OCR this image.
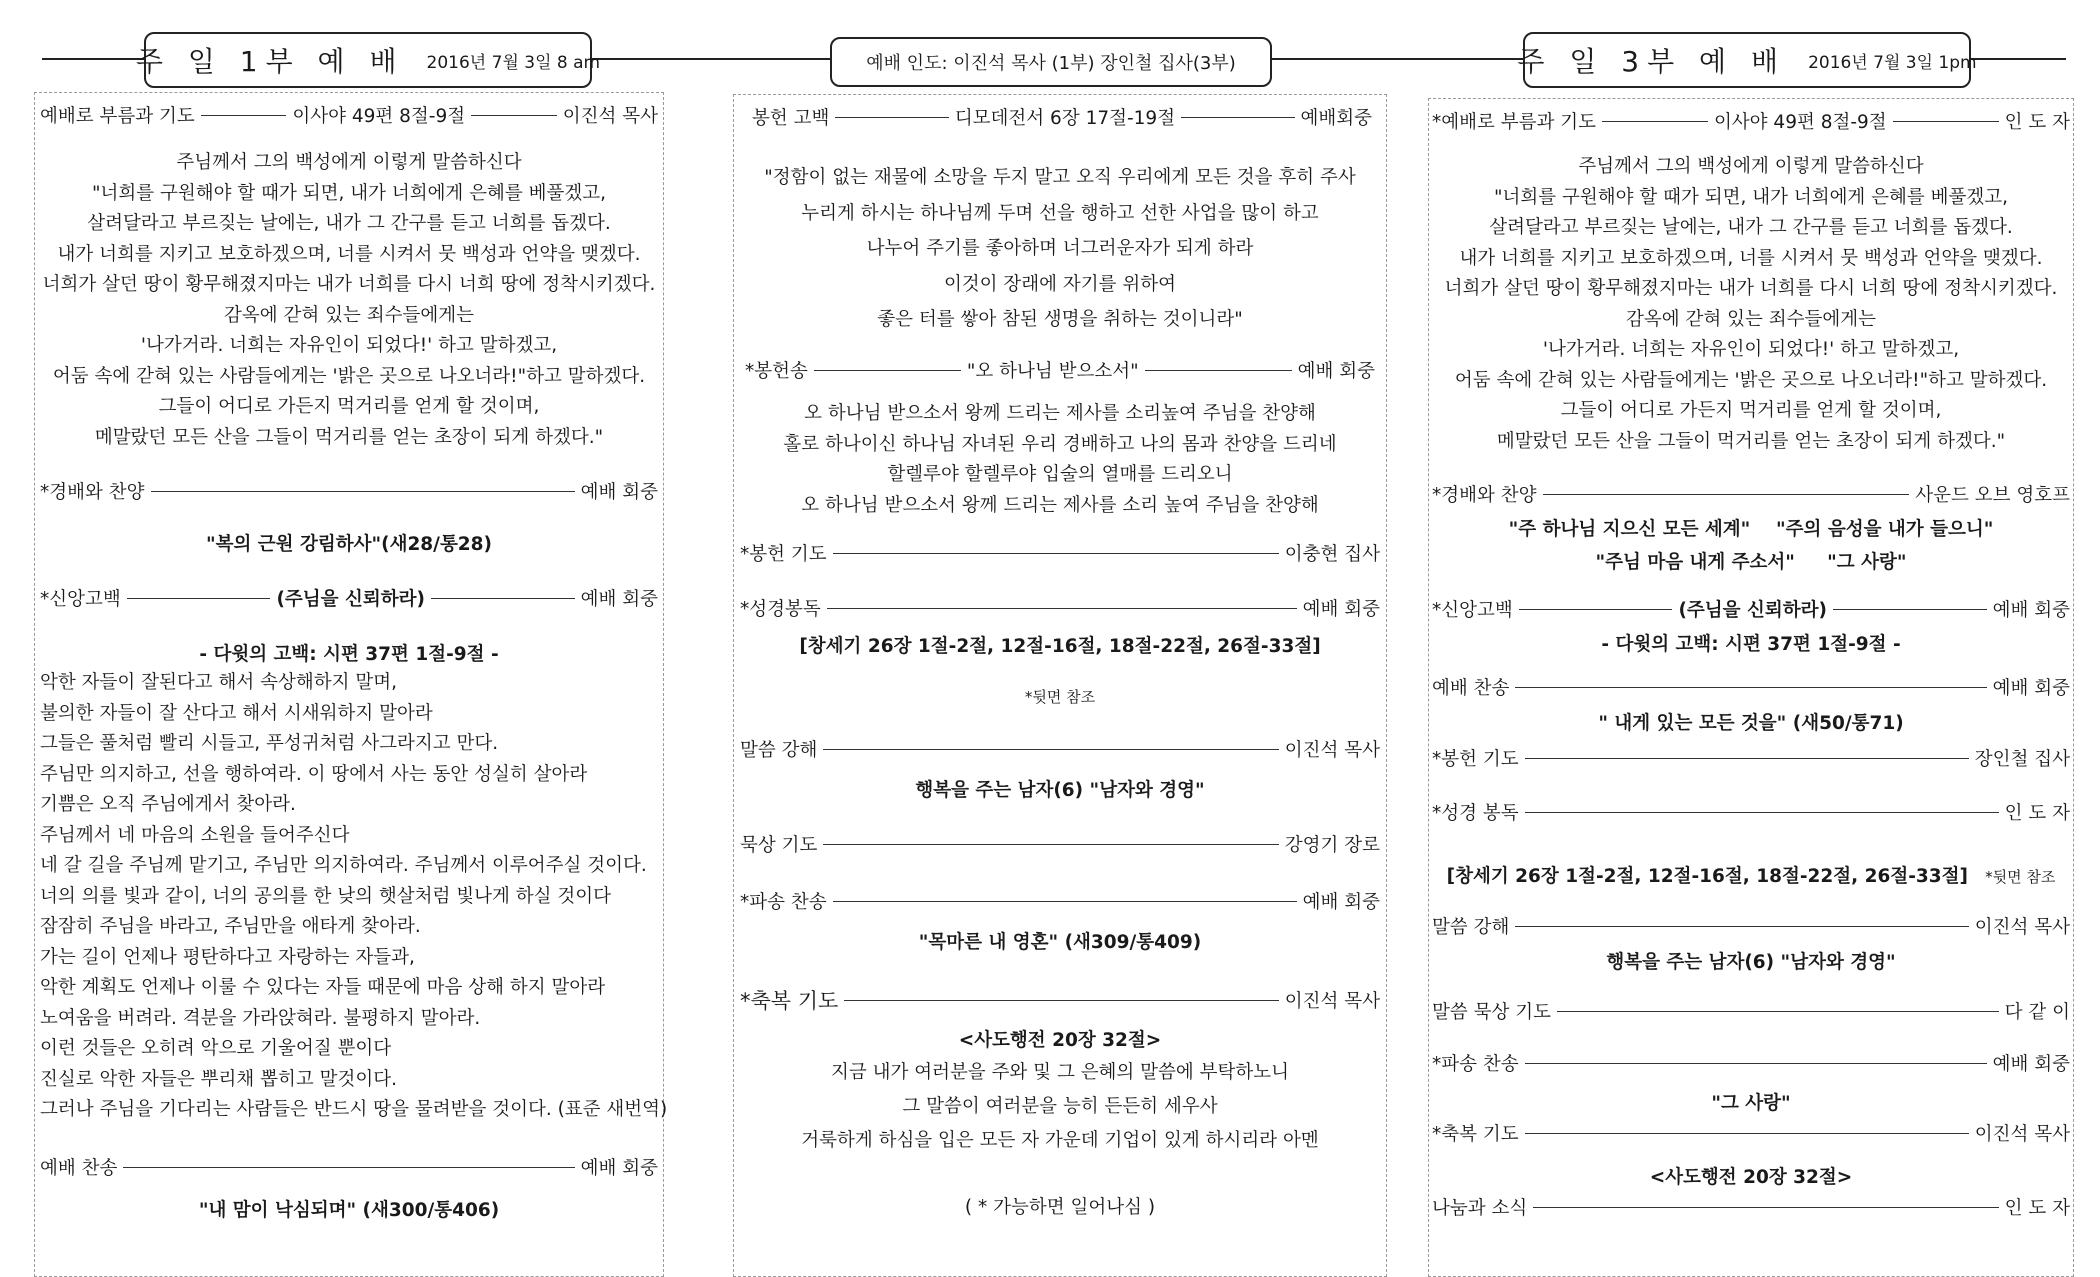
주 일 1부 예 배 2016년 7월 3일 8 am	예배 인도: 이진석 목사 (1부) 장인철 집사(3부)	주 일 3부 예 배 2016년 7월 3일 1pm
예배로 부름과 기도	이사야 49편 8절-9절	이진석 목사
주님께서 그의 백성에게 이렇게 말씀하신다
"너희를 구원해야 할 때가 되면, 내가 너희에게 은혜를 베풀겠고,
살려달라고 부르짖는 날에는, 내가 그 간구를 듣고 너희를 돕겠다.
내가 너희를 지키고 보호하겠으며, 너를 시켜서 뭇 백성과 언약을 맺겠다.
너희가 살던 땅이 황무해졌지마는 내가 너희를 다시 너희 땅에 정착시키겠다.
감옥에 갇혀 있는 죄수들에게는
'나가거라. 너희는 자유인이 되었다!' 하고 말하겠고,
어둠 속에 갇혀 있는 사람들에게는 '밝은 곳으로 나오너라!"하고 말하겠다.
그들이 어디로 가든지 먹거리를 얻게 할 것이며,
메말랐던 모든 산을 그들이 먹거리를 얻는 초장이 되게 하겠다."
*경배와 찬양	예배 회중
"복의 근원 강림하사"(새28/통28)
*신앙고백	(주님을 신뢰하라)	예배 회중
- 다윗의 고백: 시편 37편 1절-9절 -
악한 자들이 잘된다고 해서 속상해하지 말며,
불의한 자들이 잘 산다고 해서 시새워하지 말아라
그들은 풀처럼 빨리 시들고, 푸성귀처럼 사그라지고 만다.
주님만 의지하고, 선을 행하여라. 이 땅에서 사는 동안 성실히 살아라
기쁨은 오직 주님에게서 찾아라.
주님께서 네 마음의 소원을 들어주신다
네 갈 길을 주님께 맡기고, 주님만 의지하여라. 주님께서 이루어주실 것이다.
너의 의를 빛과 같이, 너의 공의를 한 낮의 햇살처럼 빛나게 하실 것이다
잠잠히 주님을 바라고, 주님만을 애타게 찾아라.
가는 길이 언제나 평탄하다고 자랑하는 자들과,
악한 계획도 언제나 이룰 수 있다는 자들 때문에 마음 상해 하지 말아라
노여움을 버려라. 격분을 가라앉혀라. 불평하지 말아라.
이런 것들은 오히려 악으로 기울어질 뿐이다
진실로 악한 자들은 뿌리채 뽑히고 말것이다.
그러나 주님을 기다리는 사람들은 반드시 땅을 물려받을 것이다. (표준 새번역)
예배 찬송	예배 회중
"내 맘이 낙심되며" (새300/통406)
봉헌 고백	디모데전서 6장 17절-19절	예배회중
"정함이 없는 재물에 소망을 두지 말고 오직 우리에게 모든 것을 후히 주사
누리게 하시는 하나님께 두며 선을 행하고 선한 사업을 많이 하고
나누어 주기를 좋아하며 너그러운자가 되게 하라
이것이 장래에 자기를 위하여
좋은 터를 쌓아 참된 생명을 취하는 것이니라"
*봉헌송	"오 하나님 받으소서"	예배 회중
오 하나님 받으소서 왕께 드리는 제사를 소리높여 주님을 찬양해
홀로 하나이신 하나님 자녀된 우리 경배하고 나의 몸과 찬양을 드리네
할렐루야 할렐루야 입술의 열매를 드리오니
오 하나님 받으소서 왕께 드리는 제사를 소리 높여 주님을 찬양해
*봉헌 기도	이충현 집사
*성경봉독	예배 회중
[창세기 26장 1절-2절, 12절-16절, 18절-22절, 26절-33절]
*뒷면 참조
말씀 강해	이진석 목사
행복을 주는 남자(6) "남자와 경영"
묵상 기도	강영기 장로
*파송 찬송	예배 회중
"목마른 내 영혼" (새309/통409)
*축복 기도	이진석 목사
<사도행전 20장 32절>
지금 내가 여러분을 주와 및 그 은혜의 말씀에 부탁하노니
그 말씀이 여러분을 능히 든든히 세우사
거룩하게 하심을 입은 모든 자 가운데 기업이 있게 하시리라 아멘
( * 가능하면 일어나심 )
*예배로 부름과 기도	이사야 49편 8절-9절	인 도 자
주님께서 그의 백성에게 이렇게 말씀하신다
"너희를 구원해야 할 때가 되면, 내가 너희에게 은혜를 베풀겠고,
살려달라고 부르짖는 날에는, 내가 그 간구를 듣고 너희를 돕겠다.
내가 너희를 지키고 보호하겠으며, 너를 시켜서 뭇 백성과 언약을 맺겠다.
너희가 살던 땅이 황무해졌지마는 내가 너희를 다시 너희 땅에 정착시키겠다.
감옥에 갇혀 있는 죄수들에게는
'나가거라. 너희는 자유인이 되었다!' 하고 말하겠고,
어둠 속에 갇혀 있는 사람들에게는 '밝은 곳으로 나오너라!"하고 말하겠다.
그들이 어디로 가든지 먹거리를 얻게 할 것이며,
메말랐던 모든 산을 그들이 먹거리를 얻는 초장이 되게 하겠다."
*경배와 찬양	사운드 오브 영호프
"주 하나님 지으신 모든 세계"    "주의 음성을 내가 들으니"
"주님 마음 내게 주소서"     "그 사랑"
*신앙고백	(주님을 신뢰하라)	예배 회중
- 다윗의 고백: 시편 37편 1절-9절 -
예배 찬송	예배 회중
" 내게 있는 모든 것을" (새50/통71)
*봉헌 기도	장인철 집사
*성경 봉독	인 도 자
[창세기 26장 1절-2절, 12절-16절, 18절-22절, 26절-33절] *뒷면 참조
말씀 강해	이진석 목사
행복을 주는 남자(6) "남자와 경영"
말씀 묵상 기도	다 같 이
*파송 찬송	예배 회중
"그 사랑"
*축복 기도	이진석 목사
<사도행전 20장 32절>
나눔과 소식	인 도 자
